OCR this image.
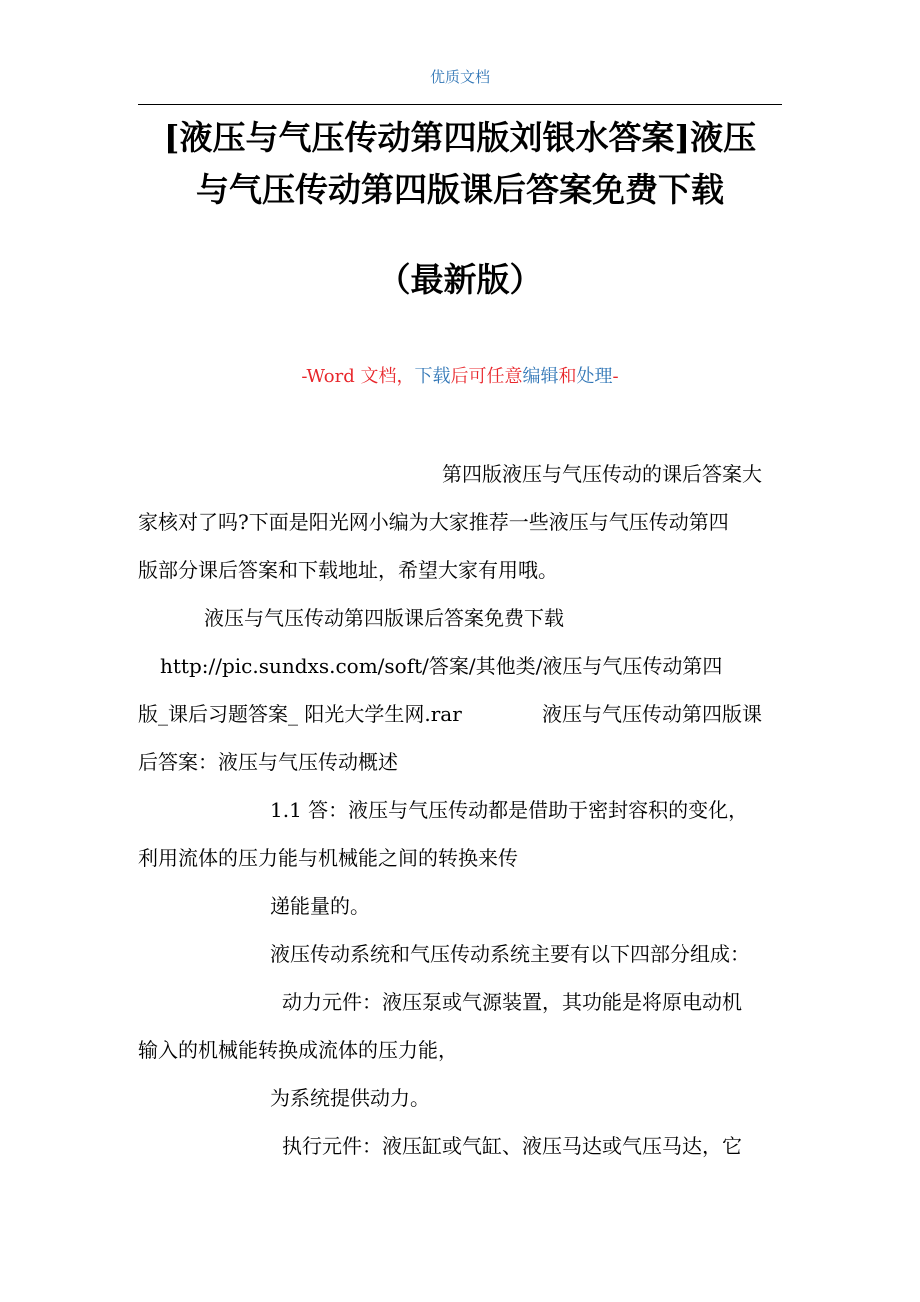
优质文档
[液压与气压传动第四版刘银水答案]液压
与气压传动第四版课后答案免费下载
（最新版）
-Word 文档，下载后可任意编辑和处理-
第四版液压与气压传动的课后答案大
家核对了吗?下面是阳光网小编为大家推荐一些液压与气压传动第四
版部分课后答案和下载地址，希望大家有用哦。
液压与气压传动第四版课后答案免费下载
http://pic.sundxs.com/soft/答案/其他类/液压与气压传动第四
版_课后习题答案_ 阳光大学生网.rar	液压与气压传动第四版课
后答案：液压与气压传动概述
1.1 答：液压与气压传动都是借助于密封容积的变化，
利用流体的压力能与机械能之间的转换来传
递能量的。
液压传动系统和气压传动系统主要有以下四部分组成：
动力元件：液压泵或气源装置，其功能是将原电动机
输入的机械能转换成流体的压力能，
为系统提供动力。
执行元件：液压缸或气缸、液压马达或气压马达，它
